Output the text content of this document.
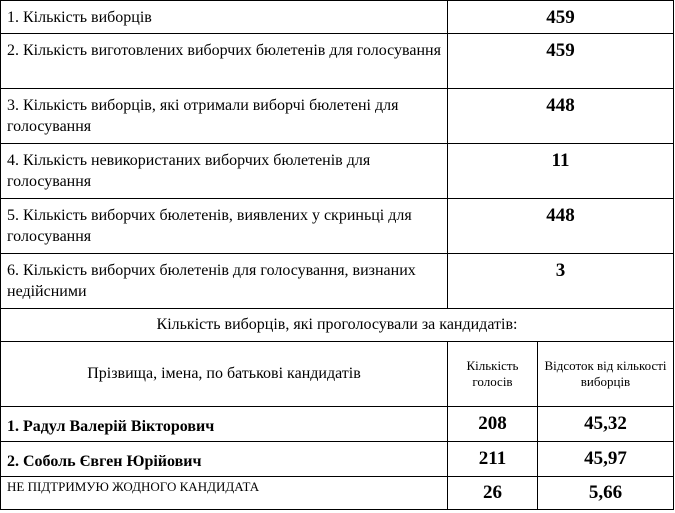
1. Кількість виборців	459	
2. Кількість виготовлених виборчих бюлетенів для голосування	459	
3. Кількість виборців, які отримали виборчі бюлетені для голосування	448	
4. Кількість невикористаних виборчих бюлетенів для голосування	11	
5. Кількість виборчих бюлетенів, виявлених у скриньці для голосування	448	
6. Кількість виборчих бюлетенів для голосування, визнаних недійсними	3	
Кількість виборців, які проголосували за кандидатів:		
Прізвища, імена, по батькові кандидатів	Кількість голосів	Відсоток від кількості виборців
1. Радул Валерій Вікторович	208	45,32
2. Соболь Євген Юрійович	211	45,97
НЕ ПІДТРИМУЮ ЖОДНОГО КАНДИДАТА	26	5,66
